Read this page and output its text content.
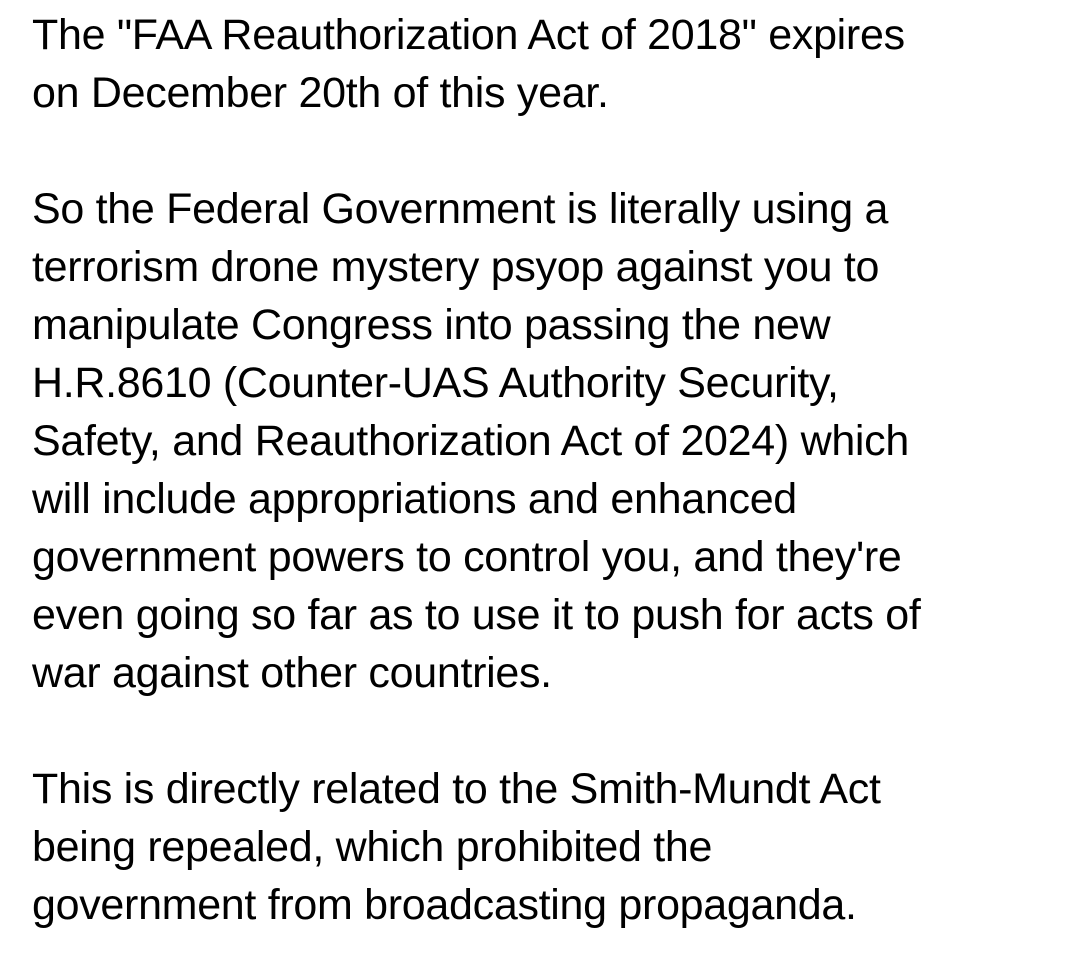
The "FAA Reauthorization Act of 2018" expires
on December 20th of this year.
So the Federal Government is literally using a
terrorism drone mystery psyop against you to
manipulate Congress into passing the new
H.R.8610 (Counter-UAS Authority Security,
Safety, and Reauthorization Act of 2024) which
will include appropriations and enhanced
government powers to control you, and they're
even going so far as to use it to push for acts of
war against other countries.
This is directly related to the Smith-Mundt Act
being repealed, which prohibited the
government from broadcasting propaganda.
